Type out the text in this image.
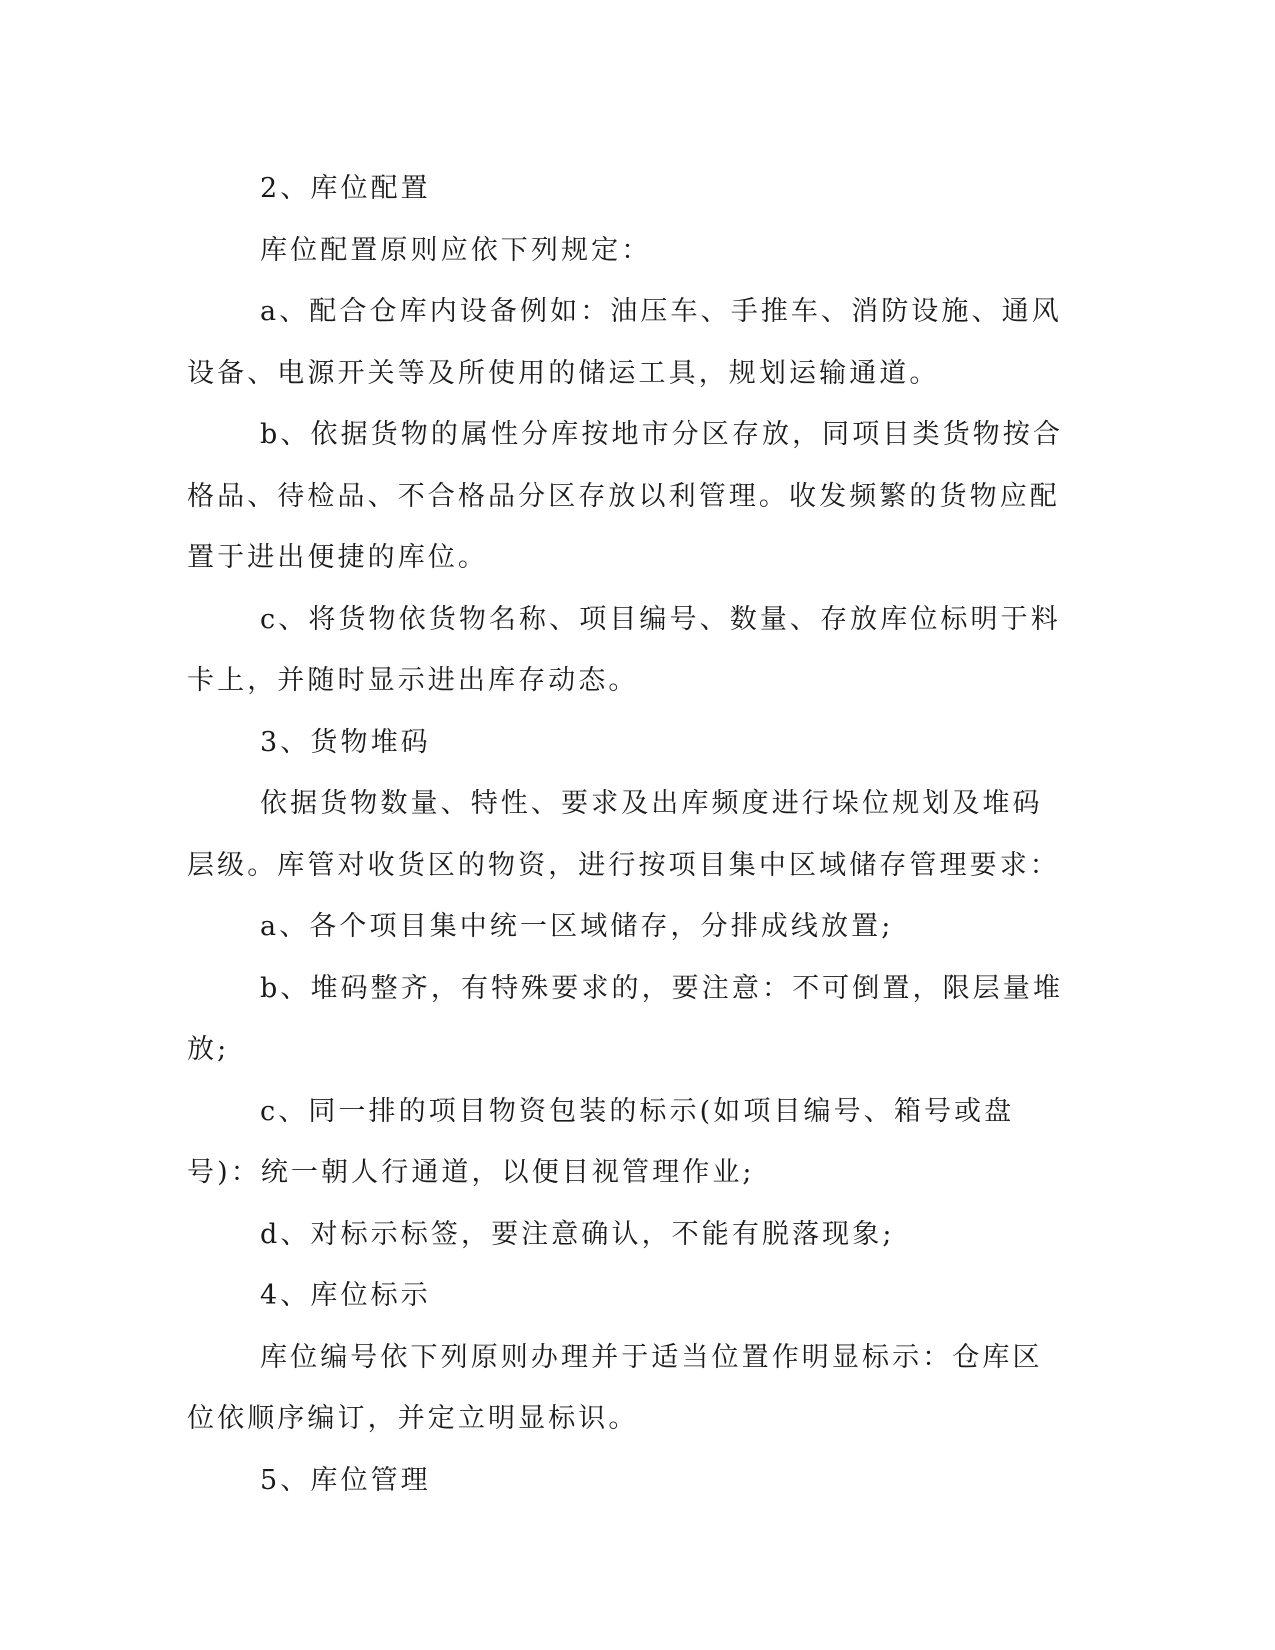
2、库位配置

库位配置原则应依下列规定：

a、配合仓库内设备例如：油压车、手推车、消防设施、通风设备、电源开关等及所使用的储运工具，规划运输通道。

b、依据货物的属性分库按地市分区存放，同项目类货物按合格品、待检品、不合格品分区存放以利管理。收发频繁的货物应配置于进出便捷的库位。

c、将货物依货物名称、项目编号、数量、存放库位标明于料卡上，并随时显示进出库存动态。

3、货物堆码

依据货物数量、特性、要求及出库频度进行垛位规划及堆码层级。库管对收货区的物资，进行按项目集中区域储存管理要求：

a、各个项目集中统一区域储存，分排成线放置;

b、堆码整齐，有特殊要求的，要注意：不可倒置，限层量堆放;

c、同一排的项目物资包装的标示(如项目编号、箱号或盘号)：统一朝人行通道，以便目视管理作业;

d、对标示标签，要注意确认，不能有脱落现象;

4、库位标示

库位编号依下列原则办理并于适当位置作明显标示：仓库区位依顺序编订，并定立明显标识。

5、库位管理
